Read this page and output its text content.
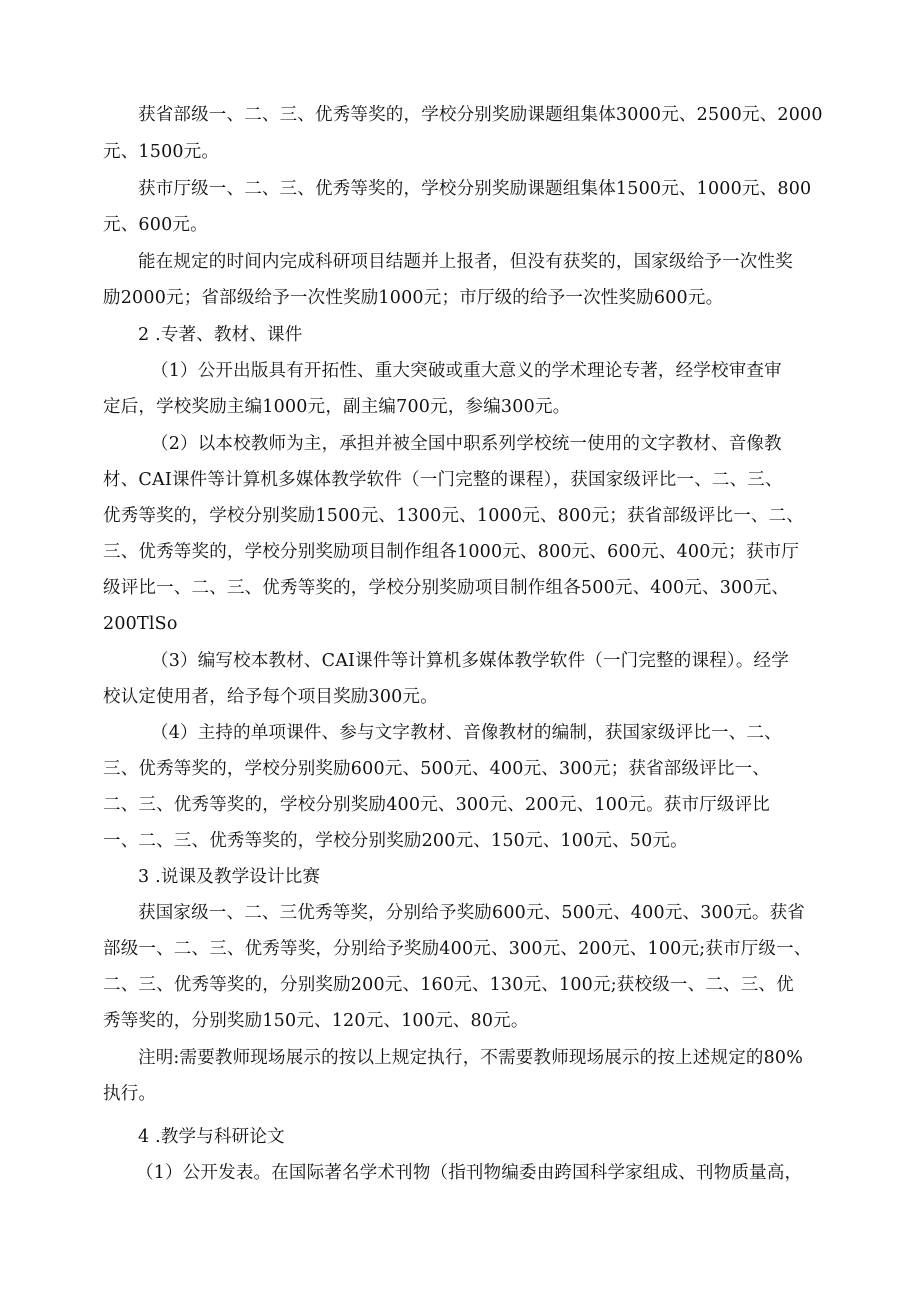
获省部级一、二、三、优秀等奖的，学校分别奖励课题组集体3000元、2500元、2000
元、1500元。
获市厅级一、二、三、优秀等奖的，学校分别奖励课题组集体1500元、1000元、800
元、600元。
能在规定的时间内完成科研项目结题并上报者，但没有获奖的，国家级给予一次性奖
励2000元；省部级给予一次性奖励1000元；市厅级的给予一次性奖励600元。
2 .专著、教材、课件
（1）公开出版具有开拓性、重大突破或重大意义的学术理论专著，经学校审查审
定后，学校奖励主编1000元，副主编700元，参编300元。
（2）以本校教师为主，承担并被全国中职系列学校统一使用的文字教材、音像教
材、CAI课件等计算机多媒体教学软件（一门完整的课程），获国家级评比一、二、三、
优秀等奖的，学校分别奖励1500元、1300元、1000元、800元；获省部级评比一、二、
三、优秀等奖的，学校分别奖励项目制作组各1000元、800元、600元、400元；获市厅
级评比一、二、三、优秀等奖的，学校分别奖励项目制作组各500元、400元、300元、
200TlSo
（3）编写校本教材、CAI课件等计算机多媒体教学软件（一门完整的课程）。经学
校认定使用者，给予每个项目奖励300元。
（4）主持的单项课件、参与文字教材、音像教材的编制，获国家级评比一、二、
三、优秀等奖的，学校分别奖励600元、500元、400元、300元；获省部级评比一、
二、三、优秀等奖的，学校分别奖励400元、300元、200元、100元。获市厅级评比
一、二、三、优秀等奖的，学校分别奖励200元、150元、100元、50元。
3 .说课及教学设计比赛
获国家级一、二、三优秀等奖，分别给予奖励600元、500元、400元、300元。获省
部级一、二、三、优秀等奖，分别给予奖励400元、300元、200元、100元;获市厅级一、
二、三、优秀等奖的，分别奖励200元、160元、130元、100元;获校级一、二、三、优
秀等奖的，分别奖励150元、120元、100元、80元。
注明:需要教师现场展示的按以上规定执行，不需要教师现场展示的按上述规定的80%
执行。
4 .教学与科研论文
（1）公开发表。在国际著名学术刊物（指刊物编委由跨国科学家组成、刊物质量高，
